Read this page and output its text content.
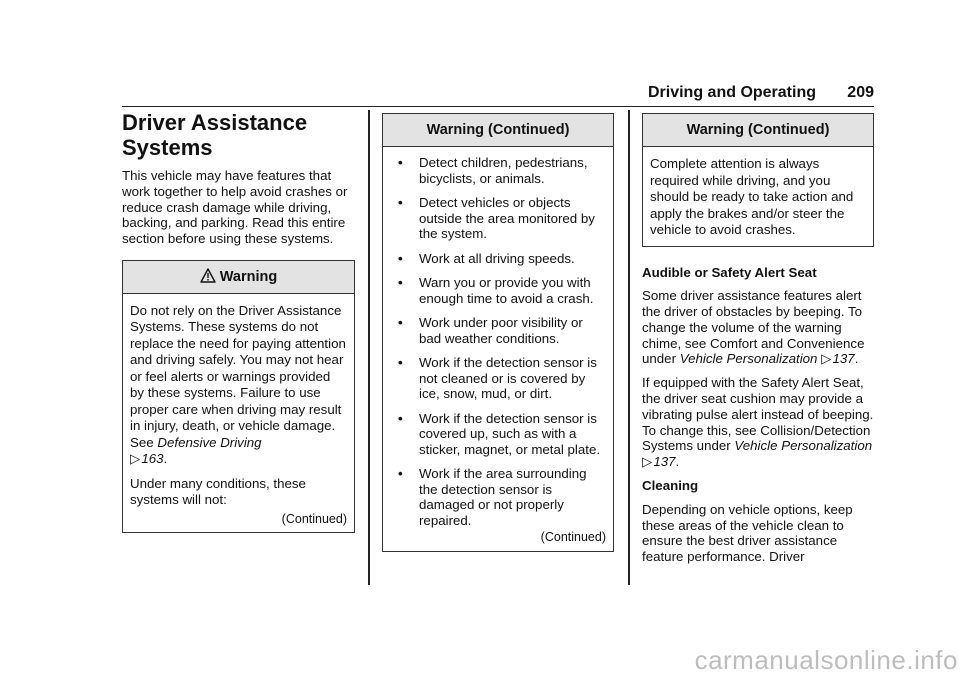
Driving and Operating 209
Driver Assistance Systems

This vehicle may have features that work together to help avoid crashes or reduce crash damage while driving, backing, and parking. Read this entire section before using these systems.

Warning

Do not rely on the Driver Assistance Systems. These systems do not replace the need for paying attention and driving safely. You may not hear or feel alerts or warnings provided by these systems. Failure to use proper care when driving may result in injury, death, or vehicle damage. See Defensive Driving
▷ 163.

Under many conditions, these systems will not:

(Continued)
Warning (Continued)
• Detect children, pedestrians, bicyclists, or animals.
• Detect vehicles or objects outside the area monitored by the system.
• Work at all driving speeds.
• Warn you or provide you with enough time to avoid a crash.
• Work under poor visibility or bad weather conditions.
• Work if the detection sensor is not cleaned or is covered by ice, snow, mud, or dirt.
• Work if the detection sensor is covered up, such as with a sticker, magnet, or metal plate.
• Work if the area surrounding the detection sensor is damaged or not properly repaired.
(Continued)
Warning (Continued)

Complete attention is always required while driving, and you should be ready to take action and apply the brakes and/or steer the vehicle to avoid crashes.

Audible or Safety Alert Seat

Some driver assistance features alert the driver of obstacles by beeping. To change the volume of the warning chime, see Comfort and Convenience under Vehicle Personalization ▷ 137.

If equipped with the Safety Alert Seat, the driver seat cushion may provide a vibrating pulse alert instead of beeping. To change this, see Collision/Detection Systems under Vehicle Personalization
▷ 137.

Cleaning

Depending on vehicle options, keep these areas of the vehicle clean to ensure the best driver assistance feature performance. Driver

carmanualsonline.info
